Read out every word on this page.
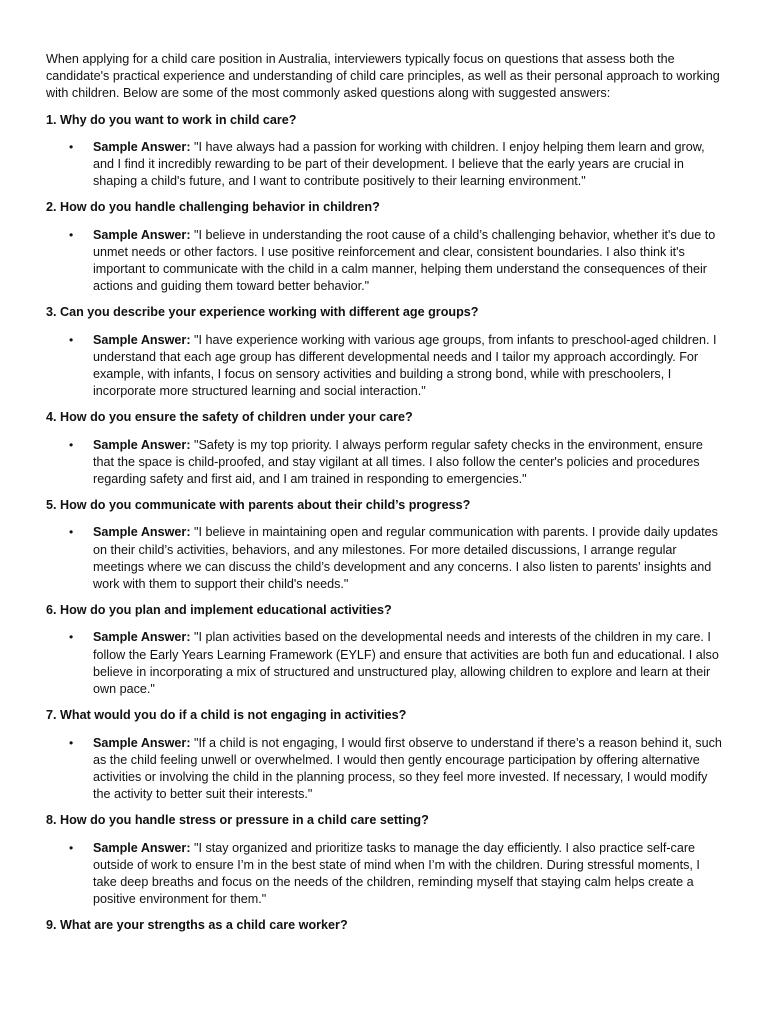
When applying for a child care position in Australia, interviewers typically focus on questions that assess both the candidate's practical experience and understanding of child care principles, as well as their personal approach to working with children. Below are some of the most commonly asked questions along with suggested answers:

1. Why do you want to work in child care?

• Sample Answer: "I have always had a passion for working with children. I enjoy helping them learn and grow, and I find it incredibly rewarding to be part of their development. I believe that the early years are crucial in shaping a child's future, and I want to contribute positively to their learning environment."

2. How do you handle challenging behavior in children?

• Sample Answer: "I believe in understanding the root cause of a child’s challenging behavior, whether it's due to unmet needs or other factors. I use positive reinforcement and clear, consistent boundaries. I also think it's important to communicate with the child in a calm manner, helping them understand the consequences of their actions and guiding them toward better behavior."

3. Can you describe your experience working with different age groups?

• Sample Answer: "I have experience working with various age groups, from infants to preschool-aged children. I understand that each age group has different developmental needs and I tailor my approach accordingly. For example, with infants, I focus on sensory activities and building a strong bond, while with preschoolers, I incorporate more structured learning and social interaction."

4. How do you ensure the safety of children under your care?

• Sample Answer: "Safety is my top priority. I always perform regular safety checks in the environment, ensure that the space is child-proofed, and stay vigilant at all times. I also follow the center's policies and procedures regarding safety and first aid, and I am trained in responding to emergencies."

5. How do you communicate with parents about their child’s progress?

• Sample Answer: "I believe in maintaining open and regular communication with parents. I provide daily updates on their child’s activities, behaviors, and any milestones. For more detailed discussions, I arrange regular meetings where we can discuss the child’s development and any concerns. I also listen to parents' insights and work with them to support their child's needs."

6. How do you plan and implement educational activities?

• Sample Answer: "I plan activities based on the developmental needs and interests of the children in my care. I follow the Early Years Learning Framework (EYLF) and ensure that activities are both fun and educational. I also believe in incorporating a mix of structured and unstructured play, allowing children to explore and learn at their own pace."

7. What would you do if a child is not engaging in activities?

• Sample Answer: "If a child is not engaging, I would first observe to understand if there’s a reason behind it, such as the child feeling unwell or overwhelmed. I would then gently encourage participation by offering alternative activities or involving the child in the planning process, so they feel more invested. If necessary, I would modify the activity to better suit their interests."

8. How do you handle stress or pressure in a child care setting?

• Sample Answer: "I stay organized and prioritize tasks to manage the day efficiently. I also practice self-care outside of work to ensure I’m in the best state of mind when I’m with the children. During stressful moments, I take deep breaths and focus on the needs of the children, reminding myself that staying calm helps create a positive environment for them."

9. What are your strengths as a child care worker?
